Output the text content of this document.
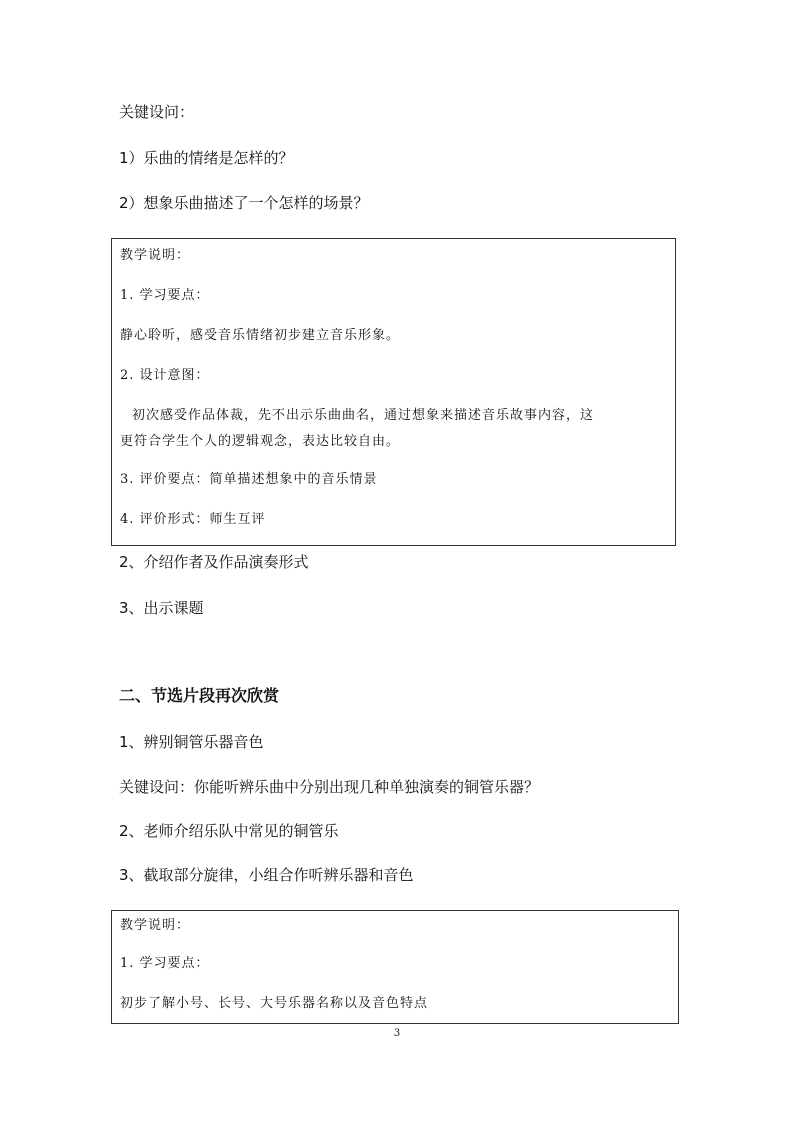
关键设问：
1）乐曲的情绪是怎样的？
2）想象乐曲描述了一个怎样的场景？
教学说明：
1. 学习要点：
静心聆听，感受音乐情绪初步建立音乐形象。
2. 设计意图：
初次感受作品体裁，先不出示乐曲曲名，通过想象来描述音乐故事内容，这
更符合学生个人的逻辑观念，表达比较自由。
3. 评价要点：简单描述想象中的音乐情景
4. 评价形式：师生互评
2、介绍作者及作品演奏形式
3、出示课题
二、节选片段再次欣赏
1、辨别铜管乐器音色
关键设问：你能听辨乐曲中分别出现几种单独演奏的铜管乐器？
2、老师介绍乐队中常见的铜管乐
3、截取部分旋律，小组合作听辨乐器和音色
教学说明：
1. 学习要点：
初步了解小号、长号、大号乐器名称以及音色特点
3
